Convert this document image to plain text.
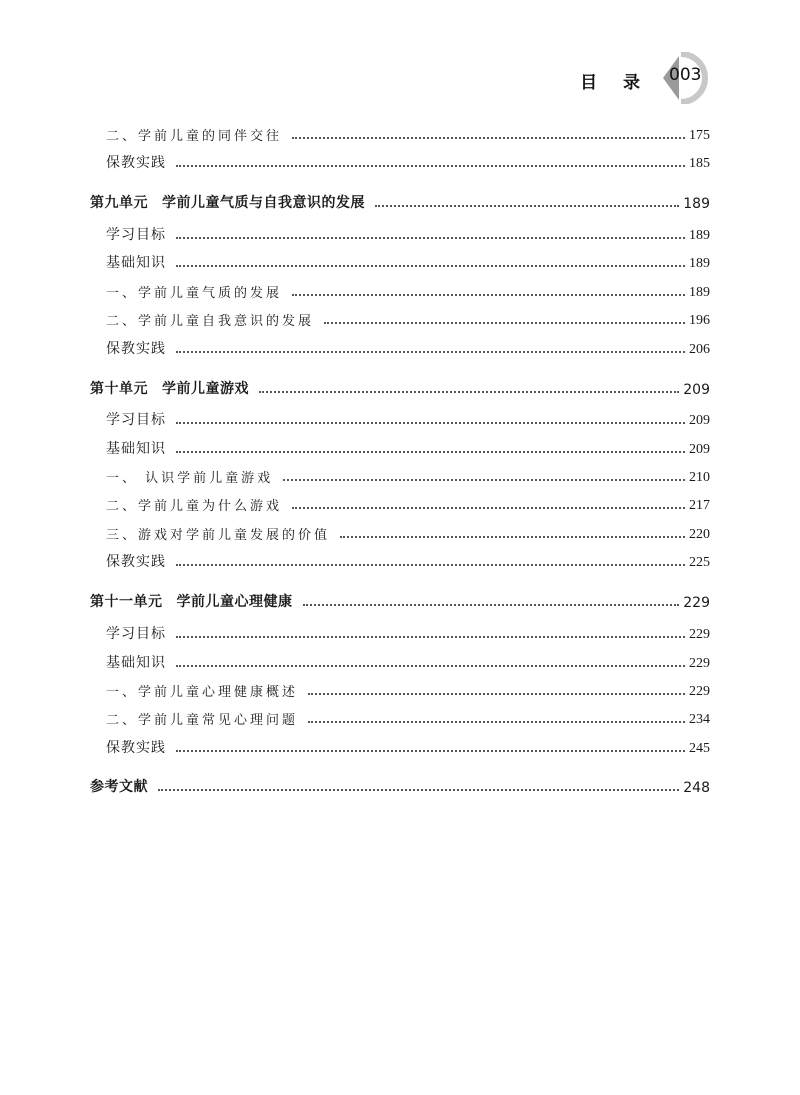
目 录 003
二、学前儿童的同伴交往	175
保教实践	185
第九单元 学前儿童气质与自我意识的发展	189
学习目标	189
基础知识	189
一、学前儿童气质的发展	189
二、学前儿童自我意识的发展	196
保教实践	206
第十单元 学前儿童游戏	209
学习目标	209
基础知识	209
一、 认识学前儿童游戏	210
二、学前儿童为什么游戏	217
三、游戏对学前儿童发展的价值	220
保教实践	225
第十一单元 学前儿童心理健康	229
学习目标	229
基础知识	229
一、学前儿童心理健康概述	229
二、学前儿童常见心理问题	234
保教实践	245
参考文献	248
